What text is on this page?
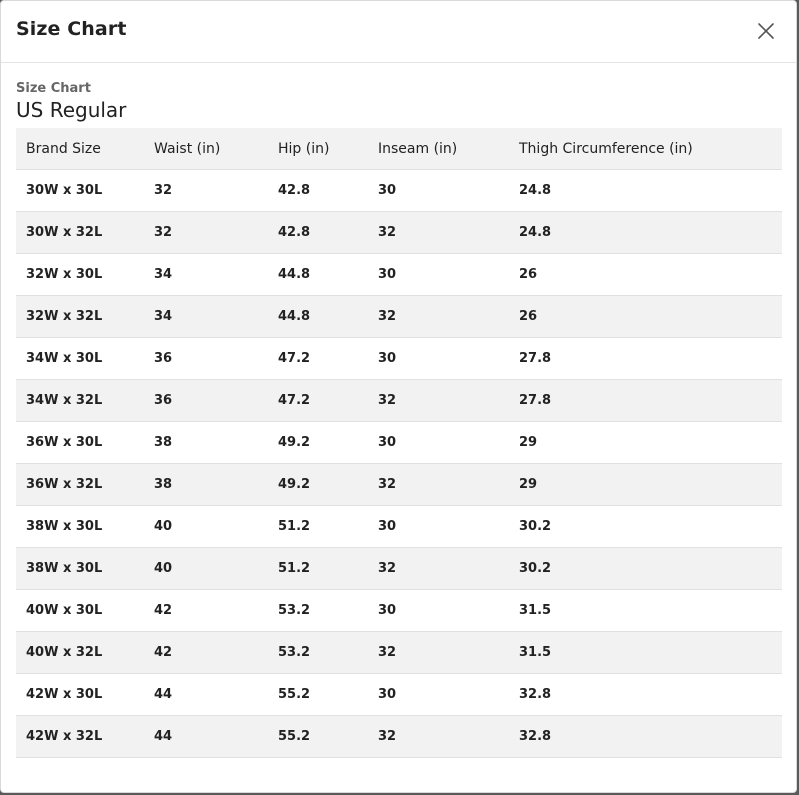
Size Chart
Size Chart
US Regular
Brand Size	Waist (in)	Hip (in)	Inseam (in)	Thigh Circumference (in)
30W x 30L	32	42.8	30	24.8
30W x 32L	32	42.8	32	24.8
32W x 30L	34	44.8	30	26
32W x 32L	34	44.8	32	26
34W x 30L	36	47.2	30	27.8
34W x 32L	36	47.2	32	27.8
36W x 30L	38	49.2	30	29
36W x 32L	38	49.2	32	29
38W x 30L	40	51.2	30	30.2
38W x 30L	40	51.2	32	30.2
40W x 30L	42	53.2	30	31.5
40W x 32L	42	53.2	32	31.5
42W x 30L	44	55.2	30	32.8
42W x 32L	44	55.2	32	32.8
